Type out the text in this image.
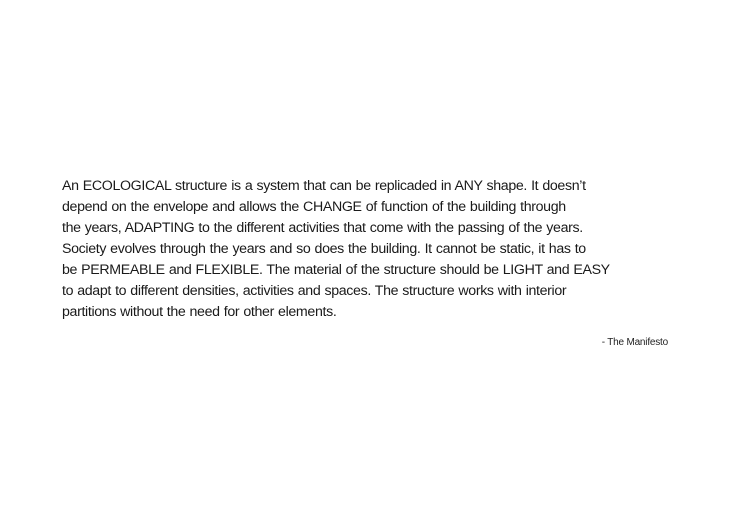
An ECOLOGICAL structure is a system that can be replicaded in ANY shape. It doesn’t
depend on the envelope and allows the CHANGE of function of the building through
the years, ADAPTING to the different activities that come with the passing of the years.
Society evolves through the years and so does the building. It cannot be static, it has to
be PERMEABLE and FLEXIBLE. The material of the structure should be LIGHT and EASY
to adapt to different densities, activities and spaces. The structure works with interior
partitions without the need for other elements.
- The Manifesto
